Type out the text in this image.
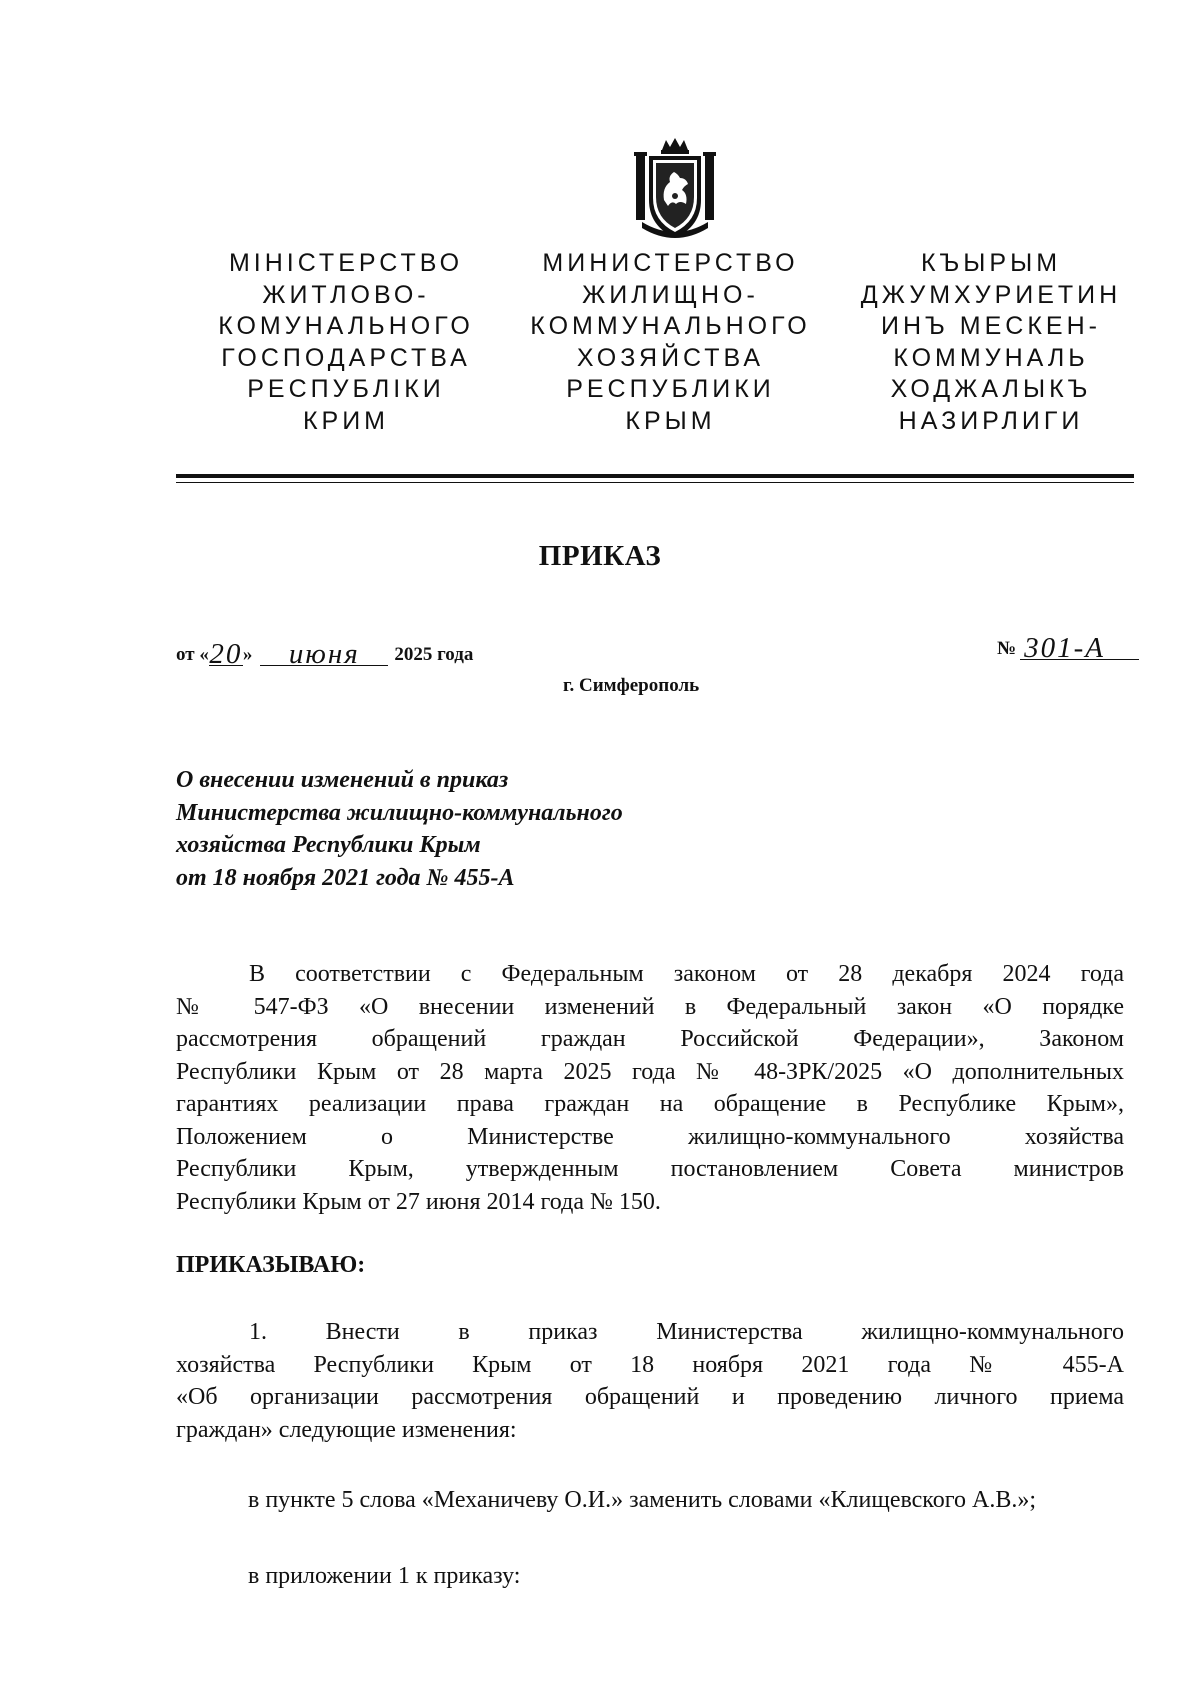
МІНІСТЕРСТВО
ЖИТЛОВО-
КОМУНАЛЬНОГО
ГОСПОДАРСТВА
РЕСПУБЛІКИ
КРИМ
МИНИСТЕРСТВО
ЖИЛИЩНО-
КОММУНАЛЬНОГО
ХОЗЯЙСТВА
РЕСПУБЛИКИ
КРЫМ
КЪЫРЫМ
ДЖУМХУРИЕТИН
ИНЪ МЕСКЕН-
КОММУНАЛЬ
ХОДЖАЛЫКЪ
НАЗИРЛИГИ
ПРИКАЗ
от « 20 »	июня	2025 года	№ 301-А
г. Симферополь
О внесении изменений в приказ
Министерства жилищно-коммунального
хозяйства Республики Крым
от 18 ноября 2021 года № 455-А
В соответствии с Федеральным законом от 28 декабря 2024 года
№ 547-ФЗ «О внесении изменений в Федеральный закон «О порядке
рассмотрения обращений граждан Российской Федерации», Законом
Республики Крым от 28 марта 2025 года № 48-ЗРК/2025 «О дополнительных
гарантиях реализации права граждан на обращение в Республике Крым»,
Положением о Министерстве жилищно-коммунального хозяйства
Республики Крым, утвержденным постановлением Совета министров
Республики Крым от 27 июня 2014 года № 150.
ПРИКАЗЫВАЮ:
1. Внести в приказ Министерства жилищно-коммунального
хозяйства Республики Крым от 18 ноября 2021 года № 455-А
«Об организации рассмотрения обращений и проведению личного приема
граждан» следующие изменения:
в пункте 5 слова «Механичеву О.И.» заменить словами «Клищевского А.В.»;
в приложении 1 к приказу:
